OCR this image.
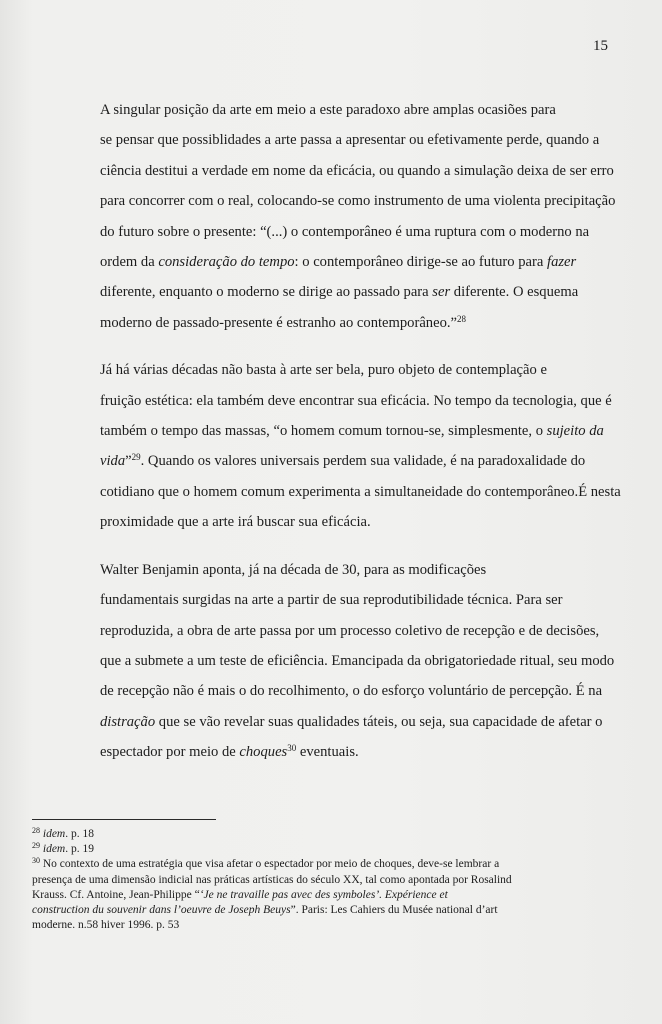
15

A singular posição da arte em meio a este paradoxo abre amplas ocasiões para
se pensar que possiblidades a arte passa a apresentar ou efetivamente perde, quando a
ciência destitui a verdade em nome da eficácia, ou quando a simulação deixa de ser erro
para concorrer com o real, colocando-se como instrumento de uma violenta precipitação
do futuro sobre o presente: “(...) o contemporâneo é uma ruptura com o moderno na
ordem da consideração do tempo: o contemporâneo dirige-se ao futuro para fazer
diferente, enquanto o moderno se dirige ao passado para ser diferente. O esquema
moderno de passado-presente é estranho ao contemporâneo.”$^{28}$

Já há várias décadas não basta à arte ser bela, puro objeto de contemplação e
fruição estética: ela também deve encontrar sua eficácia. No tempo da tecnologia, que é
também o tempo das massas, “o homem comum tornou-se, simplesmente, o sujeito da
vida”$^{29}$. Quando os valores universais perdem sua validade, é na paradoxalidade do
cotidiano que o homem comum experimenta a simultaneidade do contemporâneo.É nesta
proximidade que a arte irá buscar sua eficácia.

Walter Benjamin aponta, já na década de 30, para as modificações
fundamentais surgidas na arte a partir de sua reprodutibilidade técnica. Para ser
reproduzida, a obra de arte passa por um processo coletivo de recepção e de decisões,
que a submete a um teste de eficiência. Emancipada da obrigatoriedade ritual, seu modo
de recepção não é mais o do recolhimento, o do esforço voluntário de percepção. É na
distração que se vão revelar suas qualidades táteis, ou seja, sua capacidade de afetar o
espectador por meio de choques$^{30}$ eventuais.

$^{28}$ idem. p. 18

$^{29}$ idem. p. 19

$^{30}$ No contexto de uma estratégia que visa afetar o espectador por meio de choques, deve-se lembrar a
presença de uma dimensão indicial nas práticas artísticas do século XX, tal como apontada por Rosalind
Krauss. Cf. Antoine, Jean-Philippe “‘Je ne travaille pas avec des symboles’. Expérience et
construction du souvenir dans l’oeuvre de Joseph Beuys”. Paris: Les Cahiers du Musée national d’art
moderne. n.58 hiver 1996. p. 53
